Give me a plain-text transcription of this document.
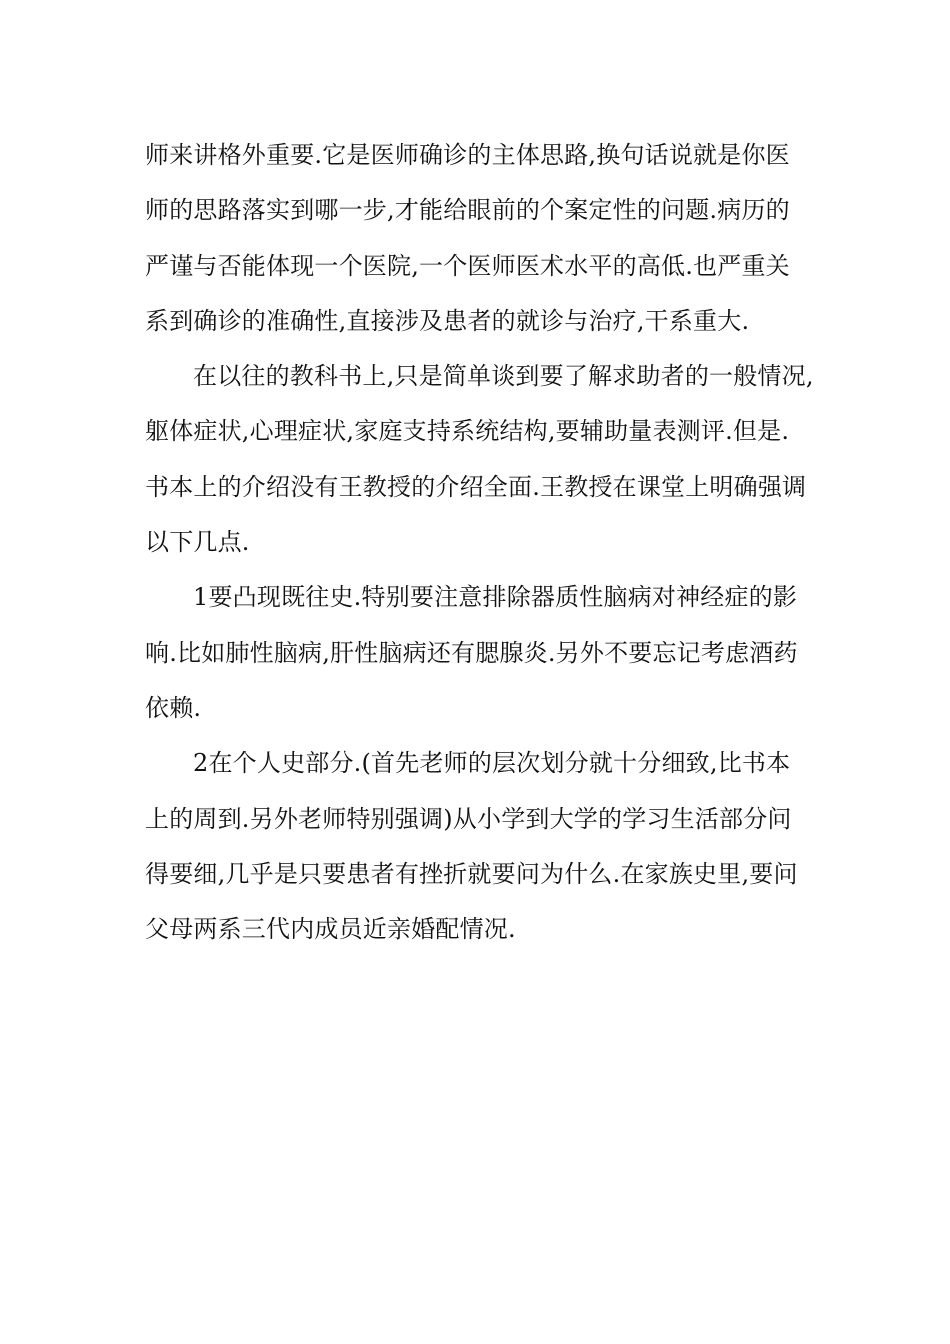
师来讲格外重要.它是医师确诊的主体思路,换句话说就是你医
师的思路落实到哪一步,才能给眼前的个案定性的问题.病历的
严谨与否能体现一个医院,一个医师医术水平的高低.也严重关
系到确诊的准确性,直接涉及患者的就诊与治疗,干系重大.
在以往的教科书上,只是简单谈到要了解求助者的一般情况,
躯体症状,心理症状,家庭支持系统结构,要辅助量表测评.但是.
书本上的介绍没有王教授的介绍全面.王教授在课堂上明确强调
以下几点.
1要凸现既往史.特别要注意排除器质性脑病对神经症的影
响.比如肺性脑病,肝性脑病还有腮腺炎.另外不要忘记考虑酒药
依赖.
2在个人史部分.(首先老师的层次划分就十分细致,比书本
上的周到.另外老师特别强调)从小学到大学的学习生活部分问
得要细,几乎是只要患者有挫折就要问为什么.在家族史里,要问
父母两系三代内成员近亲婚配情况.
